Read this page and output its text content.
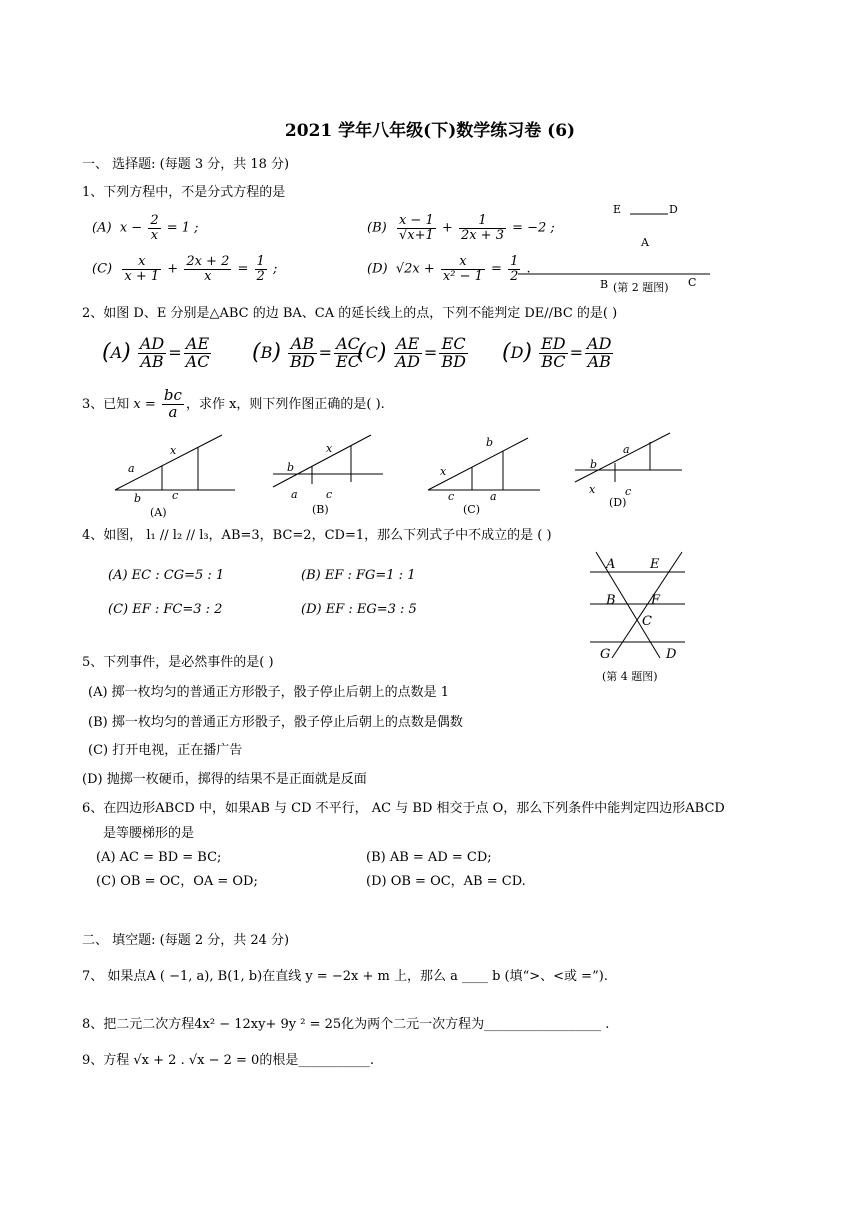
2021 学年八年级(下)数学练习卷 (6)
一、 选择题: (每题 3 分，共 18 分)
1、下列方程中，不是分式方程的是
(A) $x - \frac{2}{x} = 1$ ;	$(B) \frac{x - 1}{√x+1} + \frac{1}{2x + 3} = -2$ ;
$(C) \frac{x}{x + 1} + \frac{2x + 2}{x} = \frac{1}{2}$ ;	(D) $√2x + \frac{x}{\text{x² − 1}} = \frac{1}{2}$ .
E	D
A
B	C
(第 2 题图)
2、如图 D、E 分别是△ABC 的边 BA、CA 的延长线上的点，下列不能判定 DE//BC 的是( )
$(A) \frac{AD}{AB} = \frac{AE}{AC} (B) \frac{AB}{BD} = \frac{AC}{EC}$
$(C) \frac{AE}{AD} = \frac{EC}{BD} (D) \frac{ED}{BC} = \frac{AD}{AB}$
3、已知 $x = \frac{bc}{a}$ ，求作 x，则下列作图正确的是( ).
a
x
b	c
(A)
b
x
a	c
(B)
x
b
c	a
(C)
b
a
x	c
(D)
4、如图， l₁ // l₂ // l₃，AB=3，BC=2，CD=1，那么下列式子中不成立的是 ( )
(A) EC : CG=5 : 1	(B) EF : FG=1 : 1
(C) EF : FC=3 : 2	(D) EF : EG=3 : 5
A	E
B	F
C
G	D
(第 4 题图)
5、下列事件，是必然事件的是( )
(A) 掷一枚均匀的普通正方形骰子，骰子停止后朝上的点数是 1
(B) 掷一枚均匀的普通正方形骰子，骰子停止后朝上的点数是偶数
(C) 打开电视，正在播广告
(D) 抛掷一枚硬币，掷得的结果不是正面就是反面
6、在四边形ABCD 中，如果AB 与 CD 不平行， AC 与 BD 相交于点 O，那么下列条件中能判定四边形ABCD
是等腰梯形的是
(A) AC = BD = BC;	(B) AB = AD = CD;
(C) OB = OC，OA = OD;	(D) OB = OC，AB = CD.
二、 填空题: (每题 2 分，共 24 分)
7、 如果点A ( −1, a), B(1, b)在直线 y = −2x + m 上，那么 a ____ b (填“>、<或 =”).
8、把二元二次方程4x² − 12xy+ 9y ² = 25化为两个二元一次方程为__________________ .
9、方程 √x + 2 . √x − 2 = 0的根是___________.
